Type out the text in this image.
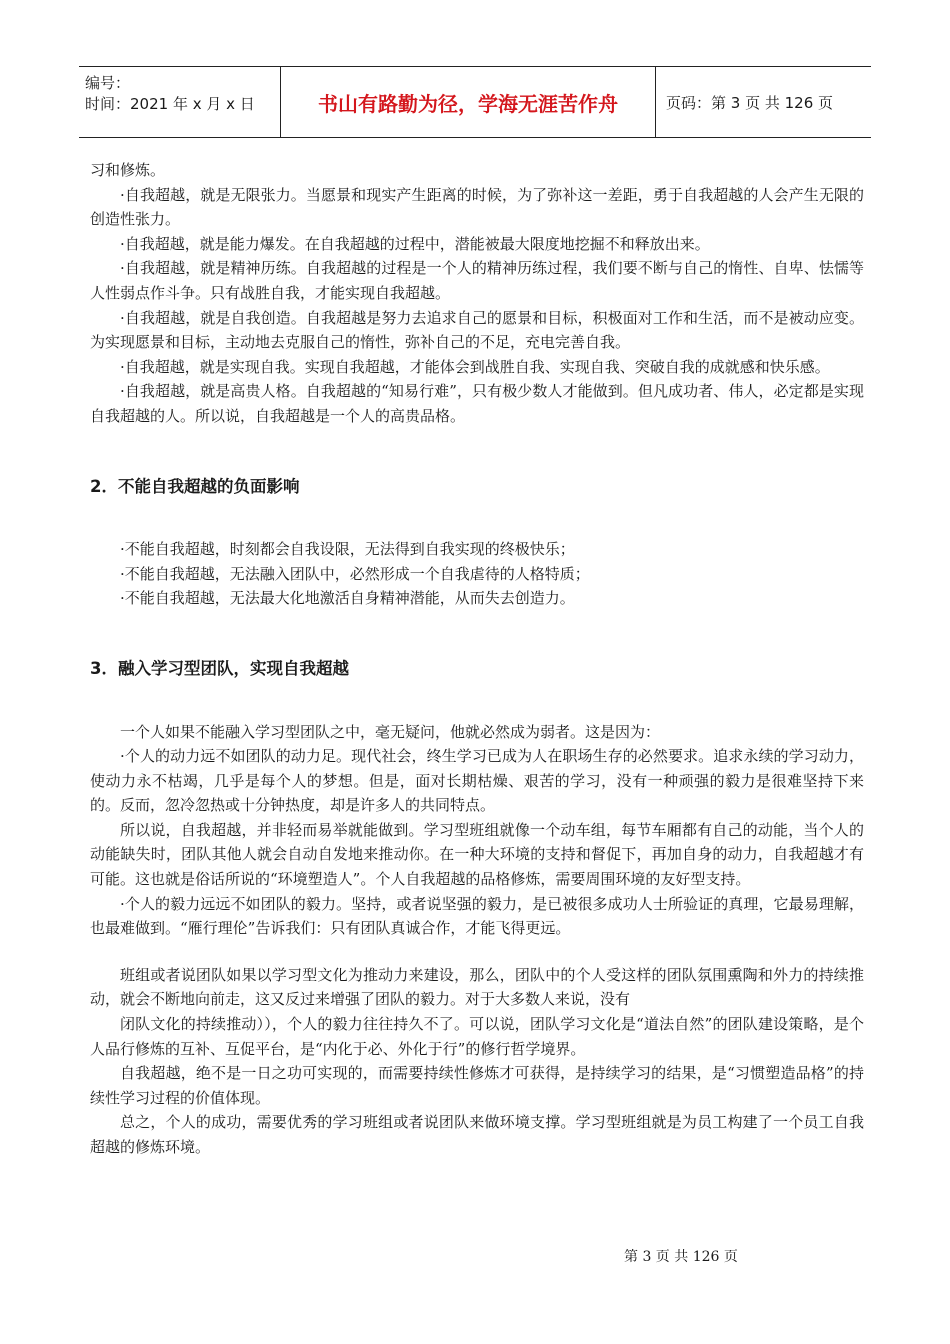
编号：
时间：2021 年 x 月 x 日	书山有路勤为径，学海无涯苦作舟	页码：第 3 页 共 126 页

习和修炼。

·自我超越，就是无限张力。当愿景和现实产生距离的时候，为了弥补这一差距，勇于自我超越的人会产生无限的创造性张力。

·自我超越，就是能力爆发。在自我超越的过程中，潜能被最大限度地挖掘不和释放出来。

·自我超越，就是精神历练。自我超越的过程是一个人的精神历练过程，我们要不断与自己的惰性、自卑、怯懦等人性弱点作斗争。只有战胜自我，才能实现自我超越。

·自我超越，就是自我创造。自我超越是努力去追求自己的愿景和目标，积极面对工作和生活，而不是被动应变。为实现愿景和目标，主动地去克服自己的惰性，弥补自己的不足，充电完善自我。

·自我超越，就是实现自我。实现自我超越，才能体会到战胜自我、实现自我、突破自我的成就感和快乐感。

·自我超越，就是高贵人格。自我超越的“知易行难”，只有极少数人才能做到。但凡成功者、伟人，必定都是实现自我超越的人。所以说，自我超越是一个人的高贵品格。

2．不能自我超越的负面影响

·不能自我超越，时刻都会自我设限，无法得到自我实现的终极快乐；

·不能自我超越，无法融入团队中，必然形成一个自我虐待的人格特质；

·不能自我超越，无法最大化地激活自身精神潜能，从而失去创造力。

3．融入学习型团队，实现自我超越

一个人如果不能融入学习型团队之中，毫无疑问，他就必然成为弱者。这是因为：

·个人的动力远不如团队的动力足。现代社会，终生学习已成为人在职场生存的必然要求。追求永续的学习动力，使动力永不枯竭，几乎是每个人的梦想。但是，面对长期枯燥、艰苦的学习，没有一种顽强的毅力是很难坚持下来的。反而，忽冷忽热或十分钟热度，却是许多人的共同特点。

所以说，自我超越，并非轻而易举就能做到。学习型班组就像一个动车组，每节车厢都有自己的动能，当个人的动能缺失时，团队其他人就会自动自发地来推动你。在一种大环境的支持和督促下，再加自身的动力，自我超越才有可能。这也就是俗话所说的“环境塑造人”。个人自我超越的品格修炼，需要周围环境的友好型支持。

·个人的毅力远远不如团队的毅力。坚持，或者说坚强的毅力，是已被很多成功人士所验证的真理，它最易理解，也最难做到。“雁行理伦”告诉我们：只有团队真诚合作，才能飞得更远。

班组或者说团队如果以学习型文化为推动力来建设，那么，团队中的个人受这样的团队氛围熏陶和外力的持续推动，就会不断地向前走，这又反过来增强了团队的毅力。对于大多数人来说，没有

闭队文化的持续推动）），个人的毅力往往持久不了。可以说，团队学习文化是“道法自然”的团队建设策略，是个人品行修炼的互补、互促平台，是“内化于必、外化于行”的修行哲学境界。

自我超越，绝不是一日之功可实现的，而需要持续性修炼才可获得，是持续学习的结果，是“习惯塑造品格”的持续性学习过程的价值体现。

总之，个人的成功，需要优秀的学习班组或者说团队来做环境支撑。学习型班组就是为员工构建了一个员工自我超越的修炼环境。

第 3 页 共 126 页
